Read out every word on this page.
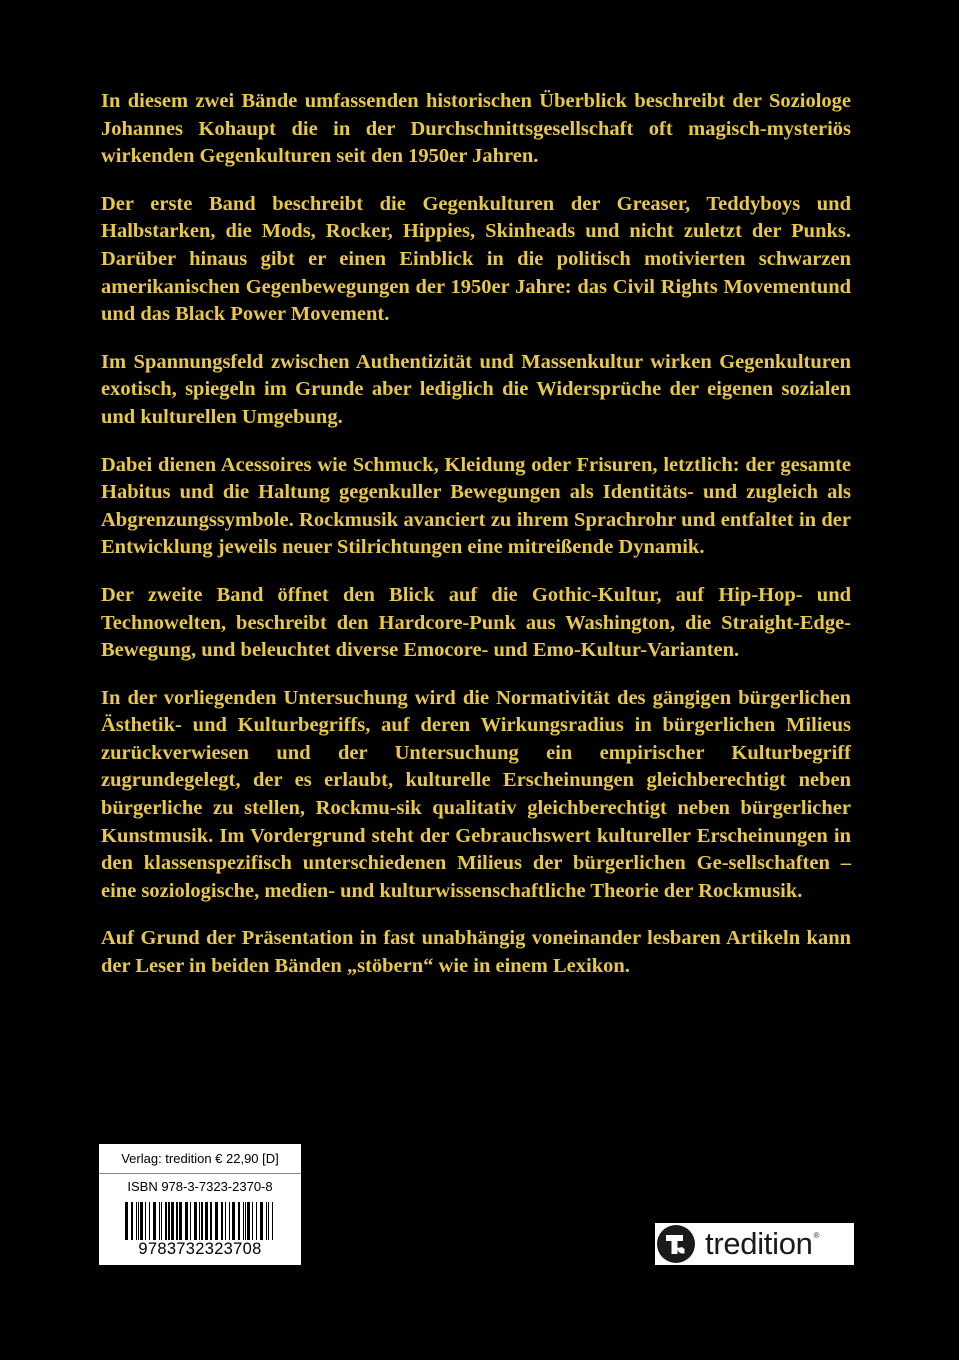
In diesem zwei Bände umfassenden historischen Überblick beschreibt der Soziologe Johannes Kohaupt die in der Durchschnittsgesellschaft oft magisch-mysteriös wirkenden Gegenkulturen seit den 1950er Jahren.

Der erste Band beschreibt die Gegenkulturen der Greaser, Teddyboys und Halbstarken, die Mods, Rocker, Hippies, Skinheads und nicht zuletzt der Punks. Darüber hinaus gibt er einen Einblick in die politisch motivierten schwarzen amerikanischen Gegenbewegungen der 1950er Jahre: das Civil Rights Movementund und das Black Power Movement.

Im Spannungsfeld zwischen Authentizität und Massenkultur wirken Gegenkulturen exotisch, spiegeln im Grunde aber lediglich die Widersprüche der eigenen sozialen und kulturellen Umgebung.

Dabei dienen Acessoires wie Schmuck, Kleidung oder Frisuren, letztlich: der gesamte Habitus und die Haltung gegenkuller Bewegungen als Identitäts- und zugleich als Abgrenzungssymbole. Rockmusik avanciert zu ihrem Sprachrohr und entfaltet in der Entwicklung jeweils neuer Stilrichtungen eine mitreißende Dynamik.

Der zweite Band öffnet den Blick auf die Gothic-Kultur, auf Hip-Hop- und Technowelten, beschreibt den Hardcore-Punk aus Washington, die Straight-Edge-Bewegung, und beleuchtet diverse Emocore- und Emo-Kultur-Varianten.

In der vorliegenden Untersuchung wird die Normativität des gängigen bürgerlichen Ästhetik- und Kulturbegriffs, auf deren Wirkungsradius in bürgerlichen Milieus zurückverwiesen und der Untersuchung ein empirischer Kulturbegriff zugrundegelegt, der es erlaubt, kulturelle Erscheinungen gleichberechtigt neben bürgerliche zu stellen, Rockmu-sik qualitativ gleichberechtigt neben bürgerlicher Kunstmusik. Im Vordergrund steht der Gebrauchswert kultureller Erscheinungen in den klassenspezifisch unterschiedenen Milieus der bürgerlichen Ge-sellschaften – eine soziologische, medien- und kulturwissenschaftliche Theorie der Rockmusik.

Auf Grund der Präsentation in fast unabhängig voneinander lesbaren Artikeln kann der Leser in beiden Bänden „stöbern“ wie in einem Lexikon.

Verlag: tredition € 22,90 [D]
ISBN 978-3-7323-2370-8
9783732323708	tredition ®
